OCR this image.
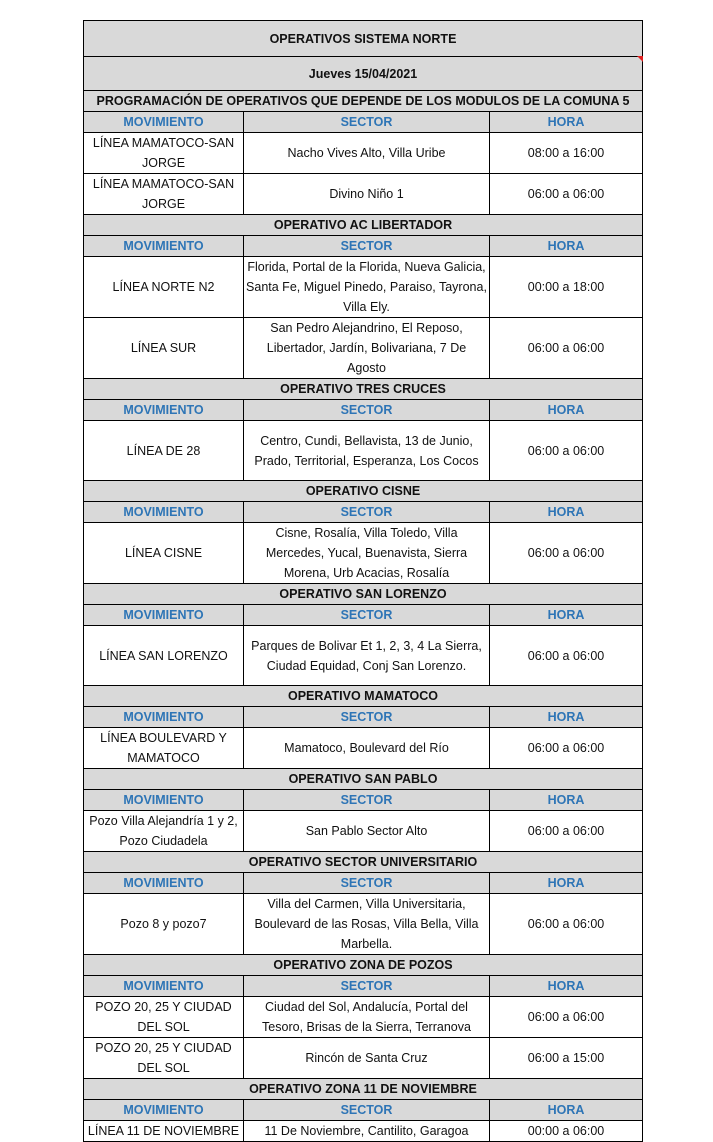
OPERATIVOS SISTEMA NORTE		
Jueves 15/04/2021		

PROGRAMACIÓN DE OPERATIVOS QUE DEPENDE DE LOS MODULOS DE LA COMUNA 5		
MOVIMIENTO	SECTOR	HORA
LÍNEA MAMATOCO-SAN JORGE	Nacho Vives Alto, Villa Uribe	08:00 a 16:00
LÍNEA MAMATOCO-SAN JORGE	Divino Niño 1	06:00 a 06:00
OPERATIVO AC LIBERTADOR		
MOVIMIENTO	SECTOR	HORA
LÍNEA NORTE N2	Florida, Portal de la Florida, Nueva Galicia, Santa Fe, Miguel Pinedo, Paraiso, Tayrona, Villa Ely.	00:00 a 18:00
LÍNEA SUR	San Pedro Alejandrino, El Reposo, Libertador, Jardín, Bolivariana, 7 De Agosto	06:00 a 06:00
OPERATIVO TRES CRUCES		
MOVIMIENTO	SECTOR	HORA
LÍNEA DE 28	Centro, Cundi, Bellavista, 13 de Junio, Prado, Territorial, Esperanza, Los Cocos	06:00 a 06:00
OPERATIVO CISNE		
MOVIMIENTO	SECTOR	HORA
LÍNEA CISNE	Cisne, Rosalía, Villa Toledo, Villa Mercedes, Yucal, Buenavista, Sierra Morena, Urb Acacias, Rosalía	06:00 a 06:00
OPERATIVO SAN LORENZO		
MOVIMIENTO	SECTOR	HORA
LÍNEA SAN LORENZO	Parques de Bolivar Et 1, 2, 3, 4 La Sierra, Ciudad Equidad, Conj San Lorenzo.	06:00 a 06:00
OPERATIVO MAMATOCO		
MOVIMIENTO	SECTOR	HORA
LÍNEA BOULEVARD Y MAMATOCO	Mamatoco, Boulevard del Río	06:00 a 06:00
OPERATIVO SAN PABLO		
MOVIMIENTO	SECTOR	HORA
Pozo Villa Alejandría 1 y 2, Pozo Ciudadela	San Pablo Sector Alto	06:00 a 06:00
OPERATIVO SECTOR UNIVERSITARIO		
MOVIMIENTO	SECTOR	HORA
Pozo 8 y pozo7	Villa del Carmen, Villa Universitaria, Boulevard de las Rosas, Villa Bella, Villa Marbella.	06:00 a 06:00
OPERATIVO ZONA DE POZOS		
MOVIMIENTO	SECTOR	HORA
POZO 20, 25 Y CIUDAD DEL SOL	Ciudad del Sol, Andalucía, Portal del Tesoro, Brisas de la Sierra, Terranova	06:00 a 06:00
POZO 20, 25 Y CIUDAD DEL SOL	Rincón de Santa Cruz	06:00 a 15:00
OPERATIVO ZONA 11 DE NOVIEMBRE		
MOVIMIENTO	SECTOR	HORA
LÍNEA 11 DE NOVIEMBRE	11 De Noviembre, Cantilito, Garagoa	00:00 a 06:00
